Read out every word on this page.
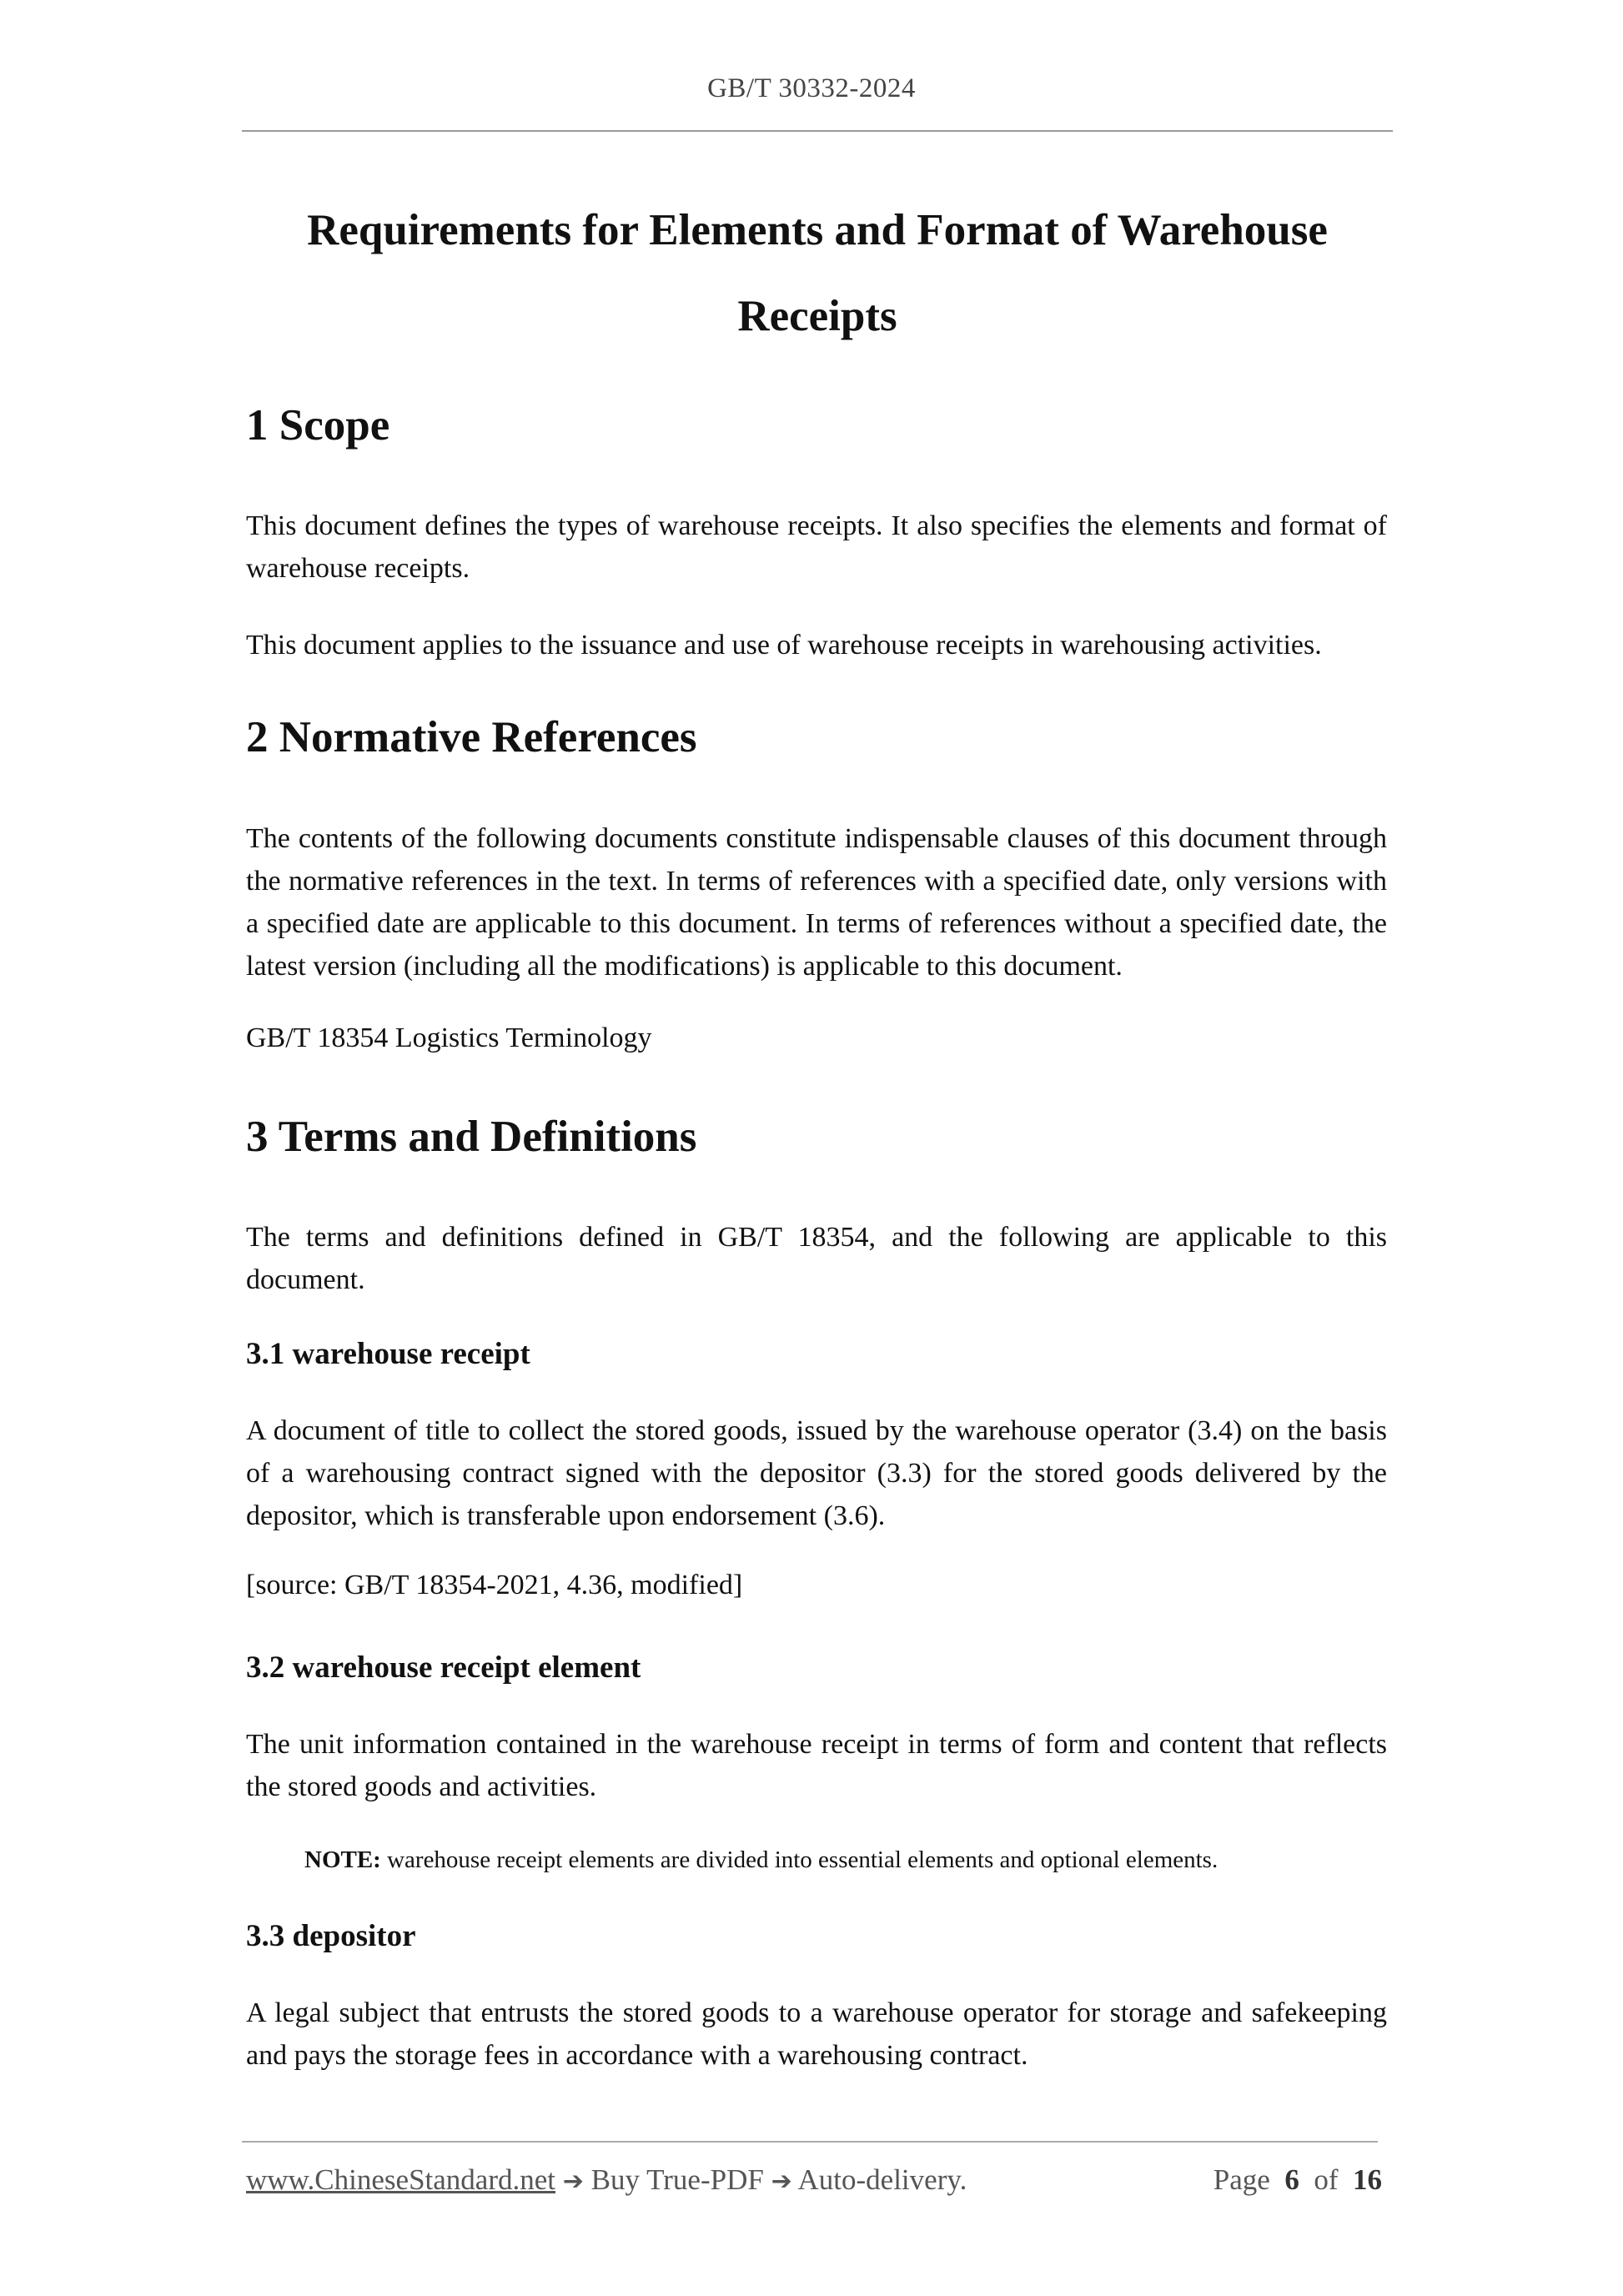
GB/T 30332-2024
Requirements for Elements and Format of Warehouse
Receipts
1 Scope
This document defines the types of warehouse receipts. It also specifies the elements and format of warehouse receipts.
This document applies to the issuance and use of warehouse receipts in warehousing activities.
2 Normative References
The contents of the following documents constitute indispensable clauses of this document through the normative references in the text. In terms of references with a specified date, only versions with a specified date are applicable to this document. In terms of references without a specified date, the latest version (including all the modifications) is applicable to this document.
GB/T 18354 Logistics Terminology
3 Terms and Definitions
The terms and definitions defined in GB/T 18354, and the following are applicable to this document.
3.1 warehouse receipt
A document of title to collect the stored goods, issued by the warehouse operator (3.4) on the basis of a warehousing contract signed with the depositor (3.3) for the stored goods delivered by the depositor, which is transferable upon endorsement (3.6).
[source: GB/T 18354-2021, 4.36, modified]
3.2 warehouse receipt element
The unit information contained in the warehouse receipt in terms of form and content that reflects the stored goods and activities.
NOTE: warehouse receipt elements are divided into essential elements and optional elements.
3.3 depositor
A legal subject that entrusts the stored goods to a warehouse operator for storage and safekeeping and pays the storage fees in accordance with a warehousing contract.
www.ChineseStandard.net ➔ Buy True-PDF ➔ Auto-delivery.	Page 6 of 16
